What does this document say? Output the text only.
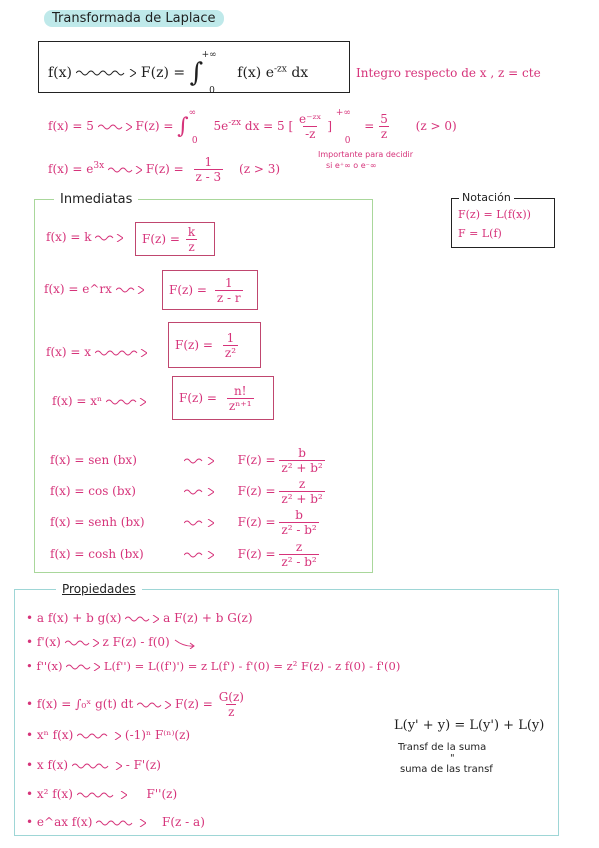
Transformada de Laplace
f(x)	F(z) = ∫ +∞ $_0$ f(x) $e^{-zx}$ dx	Integro respecto de x , z = cte
f(x) = 5	F(z) = ∫ ∞ $_0$ $5e^{-zx}$ dx = 5 [ $\frac{\text{e⁻ᶻˣ}}{-z}$ ] +∞ $_0 = \frac{5}{z} (z > 0)$
$f(x) = e^{3x}$	$F(z) = \frac{1}{z - 3} (z > 3)$
Importante para decidir
si e⁺∞ o e⁻∞
Inmediatas
f(x) = k	$F(z) = \frac{k}{z}$
f(x) = e^rx	$F(z) = \frac{1}{z - r}$
f(x) = x	$F(z) = \frac{1}{\text{z²}}$
f(x) = xⁿ	$F(z) = \frac{n!}{\text{zⁿ⁺¹}}$
f(x) = sen (bx)	$F(z) = \frac{b}{\text{z² + b²}}$
f(x) = cos (bx)	$F(z) = \frac{z}{\text{z² + b²}}$
f(x) = senh (bx)	$F(z) = \frac{b}{\text{z² - b²}}$
f(x) = cosh (bx)	$F(z) = \frac{z}{\text{z² - b²}}$
Notación
F(z) = L(f(x))
F = L(f)
Propiedades
• a f(x) + b g(x)	a F(z) + b G(z)
• f'(x)	z F(z) - f(0)
• f''(x)	L(f'') = L((f')') = z L(f') - f'(0) = z² F(z) - z f(0) - f'(0)
• f(x) = ∫₀ˣ g(t) dt	$F(z) = \frac{G(z)}{z}$
• xⁿ f(x)	(-1)ⁿ F⁽ⁿ⁾(z)
• x f(x)	- F'(z)
• x² f(x)	F''(z)
• e^ax f(x)	F(z - a)
L(y' + y) = L(y') + L(y)
Transf de la suma
"
suma de las transf
